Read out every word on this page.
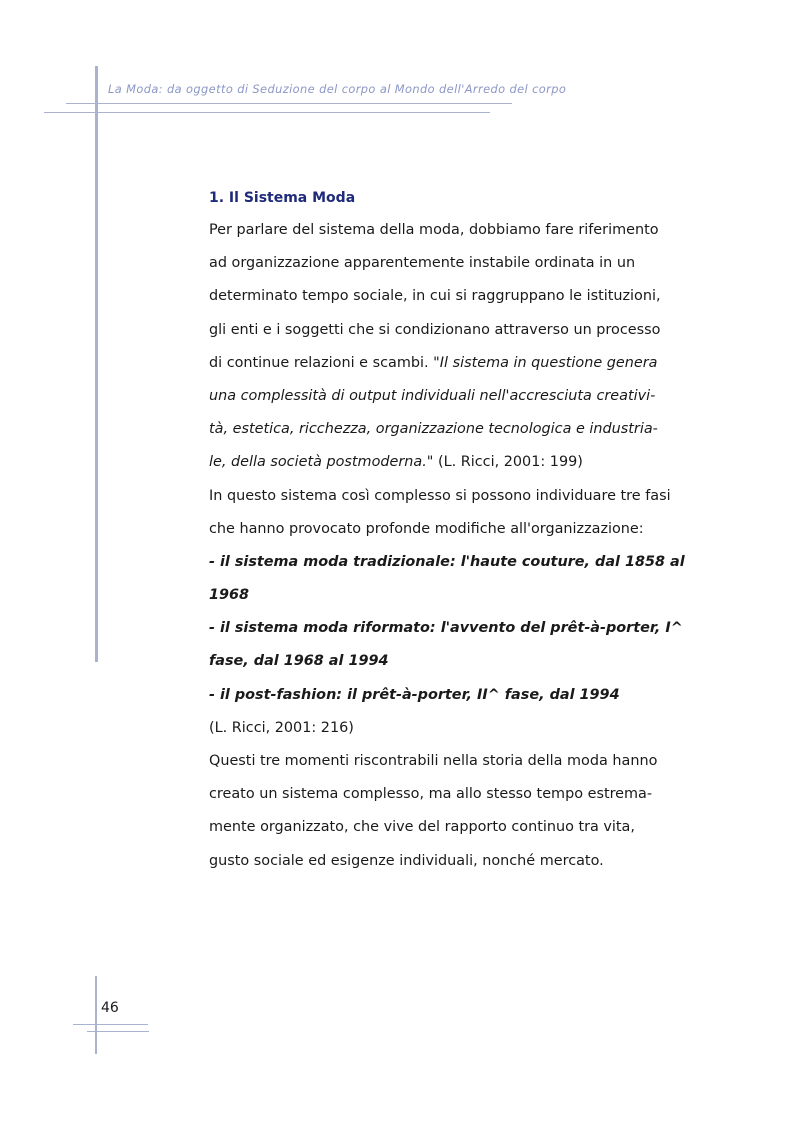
La Moda: da oggetto di Seduzione del corpo al Mondo dell'Arredo del corpo
1. Il Sistema Moda
Per parlare del sistema della moda, dobbiamo fare riferimento
ad organizzazione apparentemente instabile ordinata in un
determinato tempo sociale, in cui si raggruppano le istituzioni,
gli enti e i soggetti che si condizionano attraverso un processo
di continue relazioni e scambi. "Il sistema in questione genera
una complessità di output individuali nell'accresciuta creativi-
tà, estetica, ricchezza, organizzazione tecnologica e industria-
le, della società postmoderna." (L. Ricci, 2001: 199)
In questo sistema così complesso si possono individuare tre fasi
che hanno provocato profonde modifiche all'organizzazione:
- il sistema moda tradizionale: l'haute couture, dal 1858 al
1968
- il sistema moda riformato: l'avvento del prêt-à-porter, I^
fase, dal 1968 al 1994
- il post-fashion: il prêt-à-porter, II^ fase, dal 1994
(L. Ricci, 2001: 216)
Questi tre momenti riscontrabili nella storia della moda hanno
creato un sistema complesso, ma allo stesso tempo estrema-
mente organizzato, che vive del rapporto continuo tra vita,
gusto sociale ed esigenze individuali, nonché mercato.
46
